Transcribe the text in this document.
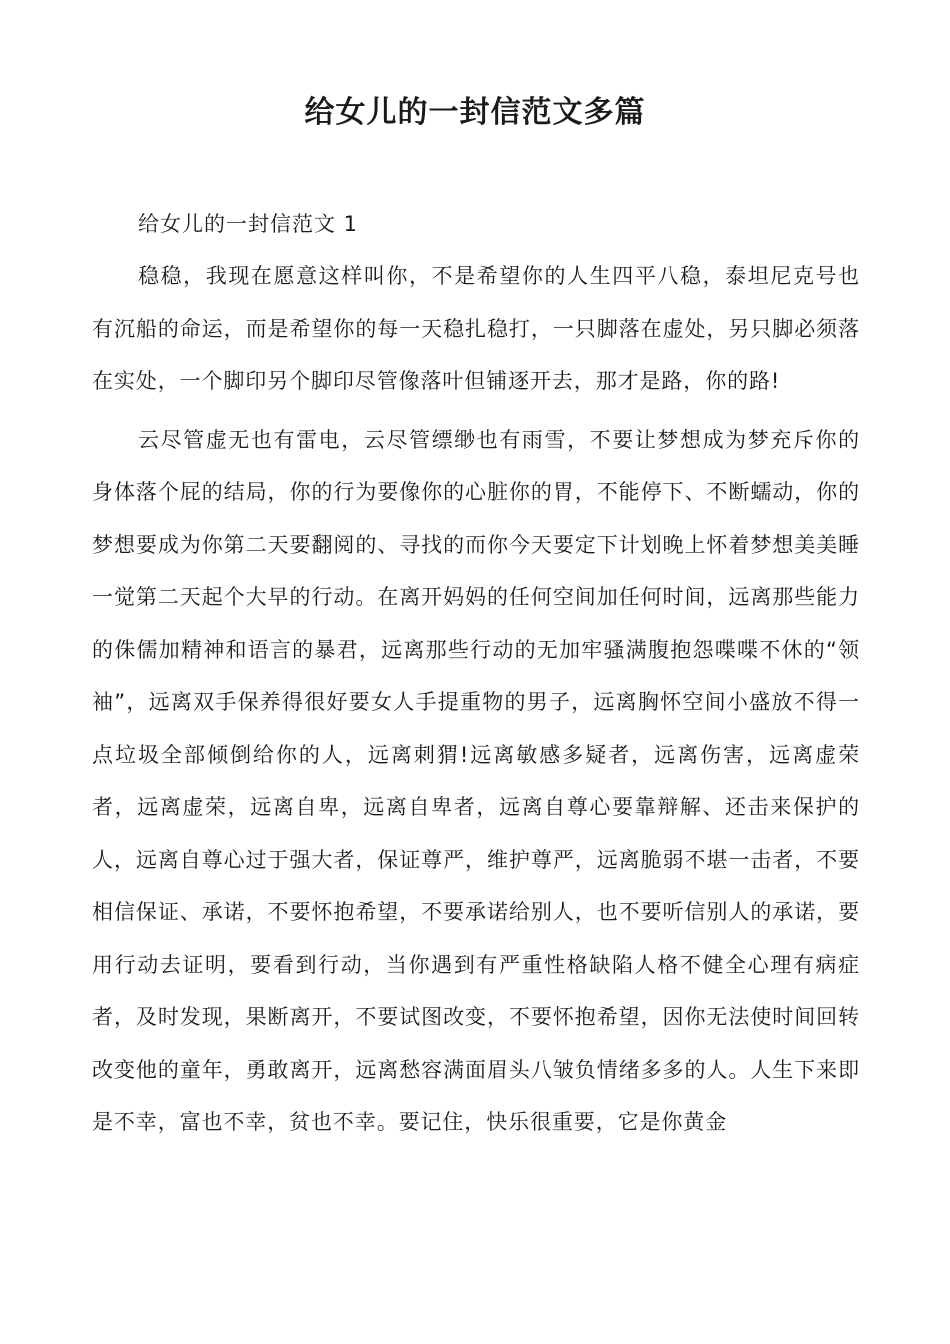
给女儿的一封信范文多篇

给女儿的一封信范文 1

稳稳，我现在愿意这样叫你，不是希望你的人生四平八稳，泰坦尼克号也有沉船的命运，而是希望你的每一天稳扎稳打，一只脚落在虚处，另只脚必须落在实处，一个脚印另个脚印尽管像落叶但铺逐开去，那才是路，你的路!

云尽管虚无也有雷电，云尽管缥缈也有雨雪，不要让梦想成为梦充斥你的身体落个屁的结局，你的行为要像你的心脏你的胃，不能停下、不断蠕动，你的梦想要成为你第二天要翻阅的、寻找的而你今天要定下计划晚上怀着梦想美美睡一觉第二天起个大早的行动。在离开妈妈的任何空间加任何时间，远离那些能力的侏儒加精神和语言的暴君，远离那些行动的无加牢骚满腹抱怨喋喋不休的“领袖”，远离双手保养得很好要女人手提重物的男子，远离胸怀空间小盛放不得一点垃圾全部倾倒给你的人，远离刺猬!远离敏感多疑者，远离伤害，远离虚荣者，远离虚荣，远离自卑，远离自卑者，远离自尊心要靠辩解、还击来保护的人，远离自尊心过于强大者，保证尊严，维护尊严，远离脆弱不堪一击者，不要相信保证、承诺，不要怀抱希望，不要承诺给别人，也不要听信别人的承诺，要用行动去证明，要看到行动，当你遇到有严重性格缺陷人格不健全心理有病症者，及时发现，果断离开，不要试图改变，不要怀抱希望，因你无法使时间回转改变他的童年，勇敢离开，远离愁容满面眉头八皱负情绪多多的人。人生下来即是不幸，富也不幸，贫也不幸。要记住，快乐很重要，它是你黄金
